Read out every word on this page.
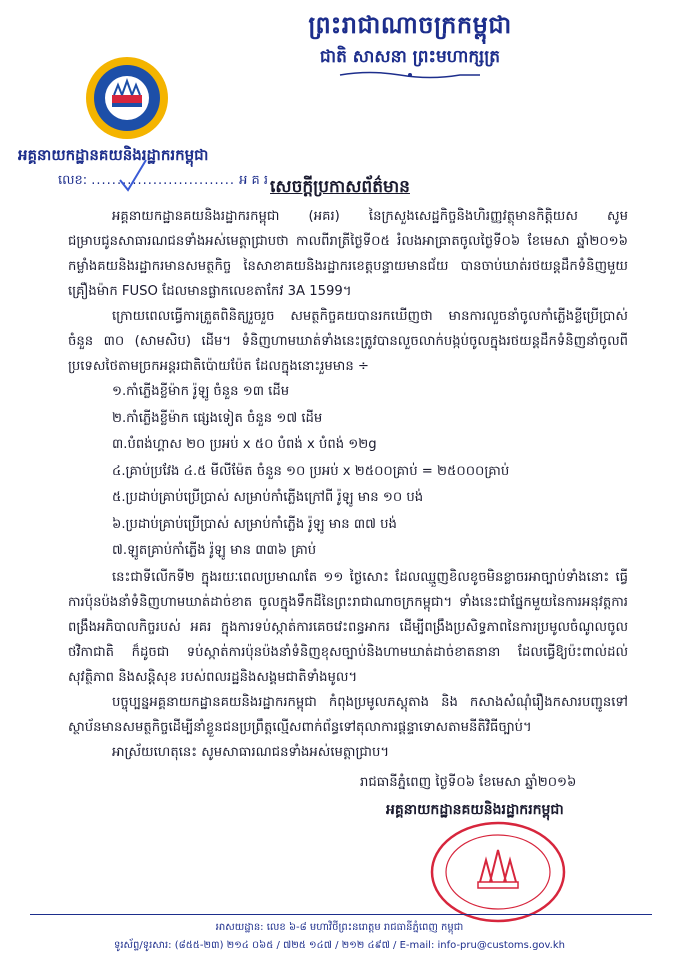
ព្រះរាជាណាចក្រកម្ពុជា
ជាតិ សាសនា ព្រះមហាក្សត្រ
អគ្គនាយកដ្ឋានគយនិងរដ្ឋាករកម្ពុជា
លេខ: ............................ អ គ រ សេចក្តីប្រកាសព័ត៌មាន

អគ្គនាយកដ្ឋានគយនិងរដ្ឋាករកម្ពុជា (អគរ) នៃក្រសួងសេដ្ឋកិច្ចនិងហិរញ្ញវត្ថុមានកិត្តិយស សូមជម្រាបជូនសាធារណជនទាំងអស់មេត្តាជ្រាបថា កាលពីរាត្រីថ្ងៃទី០៥ រំលងអាធ្រាតចូលថ្ងៃទី០៦ ខែមេសា ឆ្នាំ២០១៦ កម្លាំងគយនិងរដ្ឋាករមានសមត្ថកិច្ច នៃសាខាគយនិងរដ្ឋាករខេត្តបន្ទាយមានជ័យ បានចាប់ឃាត់រថយន្តដឹកទំនិញមួយគ្រឿងម៉ាក FUSO ដែលមានផ្លាកលេខតាកែវ 3A 1599។

ក្រោយពេលធ្វើការត្រួតពិនិត្យរួចរួច សមត្ថកិច្ចគយបានរកឃើញថា មានការលួចនាំចូលកាំភ្លើងខ្លីប្រើប្រាស់ចំនួន ៣០ (សាមសិប) ដើម។ ទំនិញហាមឃាត់ទាំងនេះត្រូវបានលួចលាក់បង្កប់ចូលក្នុងរថយន្តដឹកទំនិញនាំចូលពីប្រទេសថៃតាមច្រកអន្តរជាតិប៉ោយប៉ែត ដែលក្នុងនោះរួមមាន ÷

១.កាំភ្លើងខ្លីម៉ាក រ៉ូឡូ ចំនួន ១៣ ដើម
២.កាំភ្លើងខ្លីម៉ាក ផ្សេងទៀត ចំនួន ១៧ ដើម
៣.បំពង់ហ្គាស ២០ ប្រអប់ x ៥០ បំពង់ x បំពង់ ១២g
៤.គ្រាប់ប្រវែង ៤.៥ មីលីម៉ែត ចំនួន ១០ ប្រអប់ x ២៥០០គ្រាប់ = ២៥០០០គ្រាប់
៥.ប្រដាប់គ្រាប់ប្រើប្រាស់ សម្រាប់កាំភ្លើងក្រៅពី រ៉ូឡូ មាន ១០ បង់
៦.ប្រដាប់គ្រាប់ប្រើប្រាស់ សម្រាប់កាំភ្លើង រ៉ូឡូ មាន ៣៧ បង់
៧.ឡូតគ្រាប់កាំភ្លើង រ៉ូឡូ មាន ៣៣៦ គ្រាប់

នេះជាទីលើកទី២ ក្នុងរយៈពេលប្រមាណតែ ១១ ថ្ងៃសោះ ដែលឈ្មួញខិលខូចមិនខ្លាចរអាច្បាប់ទាំងនោះ ធ្វើការប៉ុនប៉ងនាំទំនិញហាមឃាត់ដាច់ខាត ចូលក្នុងទឹកដីនៃព្រះរាជាណាចក្រកម្ពុជា។ ទាំងនេះជាផ្នែកមួយនៃការអនុវត្តការពង្រឹងអភិបាលកិច្ចរបស់ អគរ ក្នុងការទប់ស្កាត់ការគេចវេះពន្ធអាករ ដើម្បីពង្រឹងប្រសិទ្ធភាពនៃការប្រមូលចំណូលចូលថវិកាជាតិ ក៏ដូចជា ទប់ស្កាត់ការប៉ុនប៉ងនាំទំនិញខុសច្បាប់និងហាមឃាត់ដាច់ខាតនានា ដែលធ្វើឱ្យប៉ះពាល់ដល់ សុវត្ថិភាព និងសន្តិសុខ របស់ពលរដ្ឋនិងសង្គមជាតិទាំងមូល។

បច្ចុប្បន្នអគ្គនាយកដ្ឋានគយនិងរដ្ឋាករកម្ពុជា កំពុងប្រមូលភស្តុតាង និង កសាងសំណុំរឿងកសារបញ្ជូនទៅស្ថាប័នមានសមត្ថកិច្ចដើម្បីនាំខ្លួនជនប្រព្រឹត្តល្មើសពាក់ព័ន្ធទៅតុលាការផ្តន្ទាទោសតាមនីតិវិធីច្បាប់។

អាស្រ័យហេតុនេះ សូមសាធារណជនទាំងអស់មេត្តាជ្រាប។

រាជធានីភ្នំពេញ ថ្ងៃទី០៦ ខែមេសា ឆ្នាំ២០១៦
អគ្គនាយកដ្ឋានគយនិងរដ្ឋាករកម្ពុជា
អាសយដ្ឋាន: លេខ ៦-៨ មហាវិថីព្រះនរោត្តម រាជធានីភ្នំពេញ កម្ពុជា
ទូរស័ព្ទ/ទូរសារ: (៨៥៥-២៣) ២១៤ ០៦៥ / ៧២៥ ១៤៧ / ២១២ ៤៩៧ / E-mail: info-pru@customs.gov.kh
